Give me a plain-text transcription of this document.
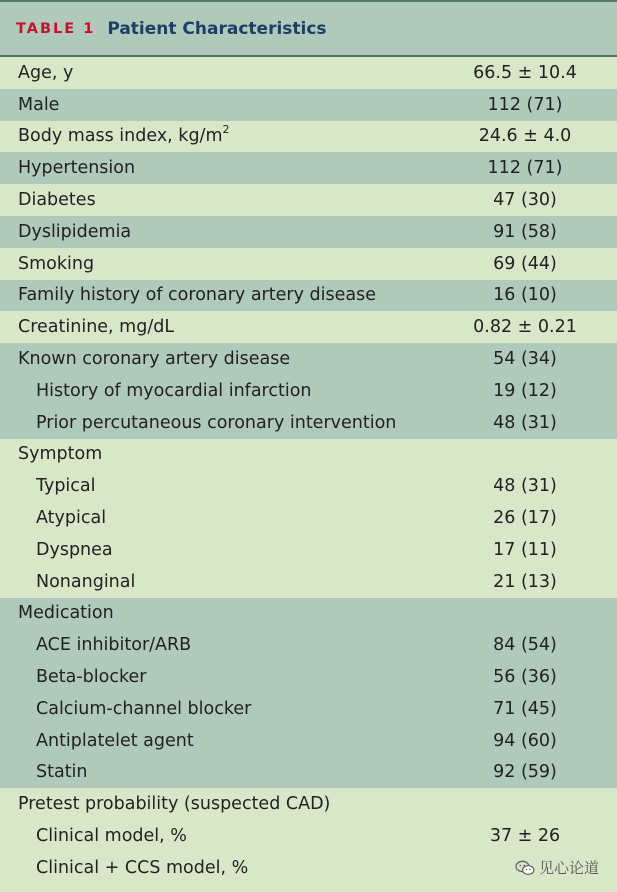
TABLE 1 Patient Characteristics
Age, y	66.5 ± 10.4
Male	112 (71)
Body mass index, $kg/m^2$	24.6 ± 4.0
Hypertension	112 (71)
Diabetes	47 (30)
Dyslipidemia	91 (58)
Smoking	69 (44)
Family history of coronary artery disease	16 (10)
Creatinine, mg/dL	0.82 ± 0.21
Known coronary artery disease	54 (34)
History of myocardial infarction	19 (12)
Prior percutaneous coronary intervention	48 (31)
Symptom
Typical	48 (31)
Atypical	26 (17)
Dyspnea	17 (11)
Nonanginal	21 (13)
Medication
ACE inhibitor/ARB	84 (54)
Beta-blocker	56 (36)
Calcium-channel blocker	71 (45)
Antiplatelet agent	94 (60)
Statin	92 (59)
Pretest probability (suspected CAD)
Clinical model, %	37 ± 26
Clinical + CCS model, %	见心论道
